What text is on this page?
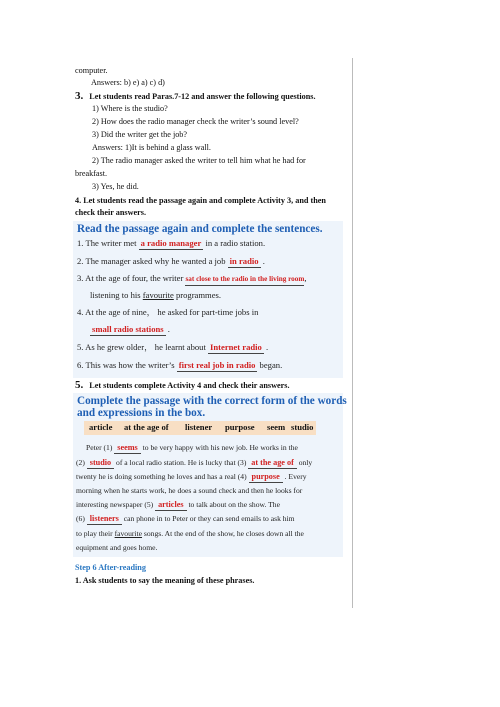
computer.
Answers: b) e) a) c) d)
3. Let students read Paras.7-12 and answer the following questions.
1) Where is the studio?
2) How does the radio manager check the writer’s sound level?
3) Did the writer get the job?
Answers: 1)It is behind a glass wall.
2) The radio manager asked the writer to tell him what he had for
breakfast.
3) Yes, he did.
4. Let students read the passage again and complete Activity 3, and then
check their answers.
Read the passage again and complete the sentences.
1. The writer met a radio manager in a radio station.
2. The manager asked why he wanted a job in radio .
3. At the age of four, the writer sat close to the radio in the living room,
listening to his favourite programmes.
4. At the age of nine， he asked for part-time jobs in
small radio stations .
5. As he grew older， he learnt about Internet radio .
6. This was how the writer’s first real job in radio began.
5. Let students complete Activity 4 and check their answers.
Complete the passage with the correct form of the words
and expressions in the box.
article at the age of listener purpose seem studio
Peter (1) seems to be very happy with his new job. He works in the
(2) studio of a local radio station. He is lucky that (3) at the age of only
twenty he is doing something he loves and has a real (4) purpose . Every
morning when he starts work, he does a sound check and then he looks for
interesting newspaper (5) articles to talk about on the show. The
(6) listeners can phone in to Peter or they can send emails to ask him
to play their favourite songs. At the end of the show, he closes down all the
equipment and goes home.
Step 6 After-reading
1. Ask students to say the meaning of these phrases.
